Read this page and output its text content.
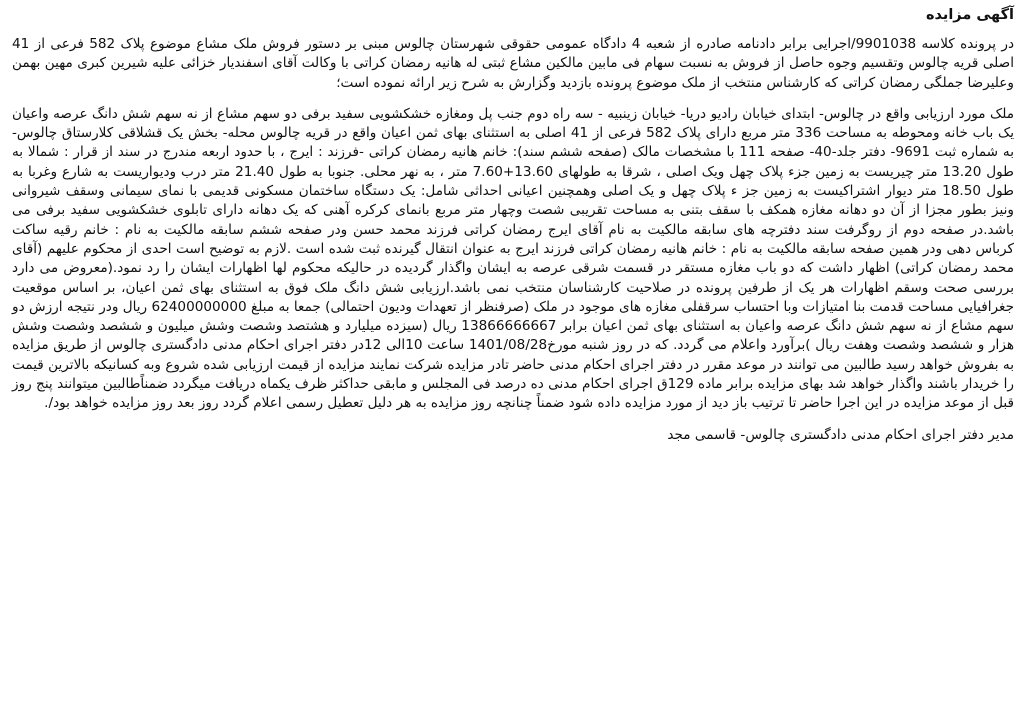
آگهی مزایده

در پرونده کلاسه 9901038/اجرایی برابر دادنامه صادره از شعبه 4 دادگاه عمومی حقوقی شهرستان چالوس مبنی بر دستور فروش ملک مشاع موضوع پلاک 582 فرعی از 41 اصلی قریه چالوس وتقسیم وجوه حاصل از فروش به نسبت سهام فی مابین مالکین مشاع ثبتی له هانیه رمضان کراتی با وکالت آقای اسفندیار خزائی علیه شیرین کبری مهین بهمن وعلیرضا جملگی رمضان کراتی که کارشناس منتخب از ملک موضوع پرونده بازدید وگزارش به شرح زیر ارائه نموده است؛

ملک مورد ارزیابی واقع در چالوس- ابتدای خیابان رادیو دریا- خیابان زینبیه - سه راه دوم جنب پل ومغازه خشکشویی سفید برفی دو سهم مشاع از نه سهم شش دانگ عرصه واعیان یک باب خانه ومحوطه به مساحت 336 متر مربع دارای پلاک 582 فرعی از 41 اصلی به استثنای بهای ثمن اعیان واقع در قریه چالوس محله- بخش یک قشلاقی کلارستاق چالوس- به شماره ثبت 9691- دفتر جلد-40- صفحه 111 با مشخصات مالک (صفحه ششم سند): خانم هانیه رمضان کراتی -فرزند : ایرج ، با حدود اربعه مندرج در سند از قرار : شمالا به طول 13.20 متر چیریست به زمین جزء پلاک چهل ویک اصلی ، شرقا به طولهای 13.60+7.60 متر ، به نهر محلی. جنوبا به طول 21.40 متر درب ودیواریست به شارع وغربا به طول 18.50 متر دیوار اشتراکیست به زمین جز ء پلاک چهل و یک اصلی وهمچنین اعیانی احداثی شامل: یک دستگاه ساختمان مسکونی قدیمی با نمای سیمانی وسقف شیروانی ونیز بطور مجزا از آن دو دهانه مغازه همکف با سقف بتنی به مساحت تقریبی شصت وچهار متر مربع بانمای کرکره آهنی که یک دهانه دارای تابلوی خشکشویی سفید برفی می باشد.در صفحه دوم از روگرفت سند دفترچه های سابقه مالکیت به نام آقای ایرج رمضان کراتی فرزند محمد حسن ودر صفحه ششم سابقه مالکیت به نام : خانم رقیه ساکت کرباس دهی ودر همین صفحه سابقه مالکیت به نام : خانم هانیه رمضان کراتی فرزند ایرج به عنوان انتقال گیرنده ثبت شده است .لازم به توضیح است احدی از محکوم علیهم (آقای محمد رمضان کراتی) اظهار داشت که دو باب مغازه مستقر در قسمت شرقی عرصه به ایشان واگذار گردیده در حالیکه محکوم لها اظهارات ایشان را رد نمود.(معروض می دارد بررسی صحت وسقم اظهارات هر یک از طرفین پرونده در صلاحیت کارشناسان منتخب نمی باشد.ارزیابی شش دانگ ملک فوق به استثنای بهای ثمن اعیان، بر اساس موقعیت جغرافیایی مساحت قدمت بنا امتیازات وبا احتساب سرقفلی مغازه های موجود در ملک (صرفنظر از تعهدات وديون احتمالی) جمعا به مبلغ 62400000000 ریال ودر نتیجه ارزش دو سهم مشاع از نه سهم شش دانگ عرصه واعیان به استثنای بهای ثمن اعیان برابر 13866666667 ریال (سیزده میلیارد و هشتصد وشصت وشش میلیون و ششصد وشصت وشش هزار و ششصد وشصت وهفت ریال )برآورد واعلام می گردد. که در روز شنبه مورخ1401/08/28 ساعت 10الی 12در دفتر اجرای احکام مدنی دادگستری چالوس از طریق مزایده به بفروش خواهد رسید طالبین می توانند در موعد مقرر در دفتر اجرای احکام مدنی حاضر تادر مزایده شرکت نمایند مزایده از قیمت ارزیابی شده شروع وبه کسانیکه بالاترین قیمت را خریدار باشند واگذار خواهد شد بهای مزایده برابر ماده 129ق اجرای احکام مدنی ده درصد فی المجلس و مابقی حداکثر ظرف یکماه دریافت میگردد ضمناًطالبین میتوانند پنج روز قبل از موعد مزایده در این اجرا حاضر تا ترتیب باز دید از مورد مزایده داده شود ضمناً چنانچه روز مزایده به هر دلیل تعطیل رسمی اعلام گردد روز بعد روز مزایده خواهد بود/.

مدیر دفتر اجرای احکام مدنی دادگستری چالوس- قاسمی مجد
